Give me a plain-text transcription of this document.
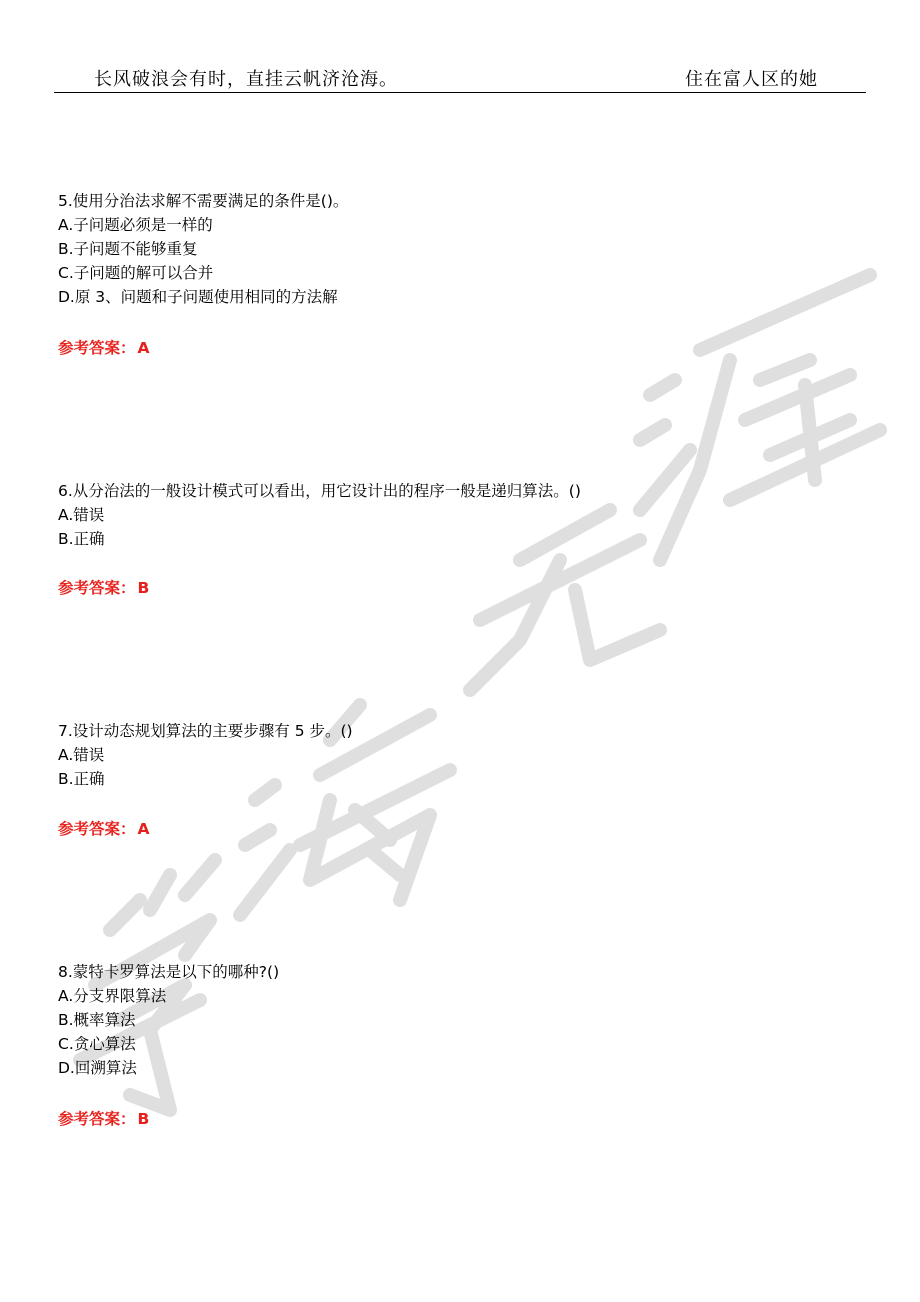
长风破浪会有时，直挂云帆济沧海。	住在富人区的她
5.使用分治法求解不需要满足的条件是()。
A.子问题必须是一样的
B.子问题不能够重复
C.子问题的解可以合并
D.原 3、问题和子问题使用相同的方法解
参考答案： A
6.从分治法的一般设计模式可以看出，用它设计出的程序一般是递归算法。()
A.错误
B.正确
参考答案： B
7.设计动态规划算法的主要步骤有 5 步。()
A.错误
B.正确
参考答案： A
8.蒙特卡罗算法是以下的哪种?()
A.分支界限算法
B.概率算法
C.贪心算法
D.回溯算法
参考答案： B
